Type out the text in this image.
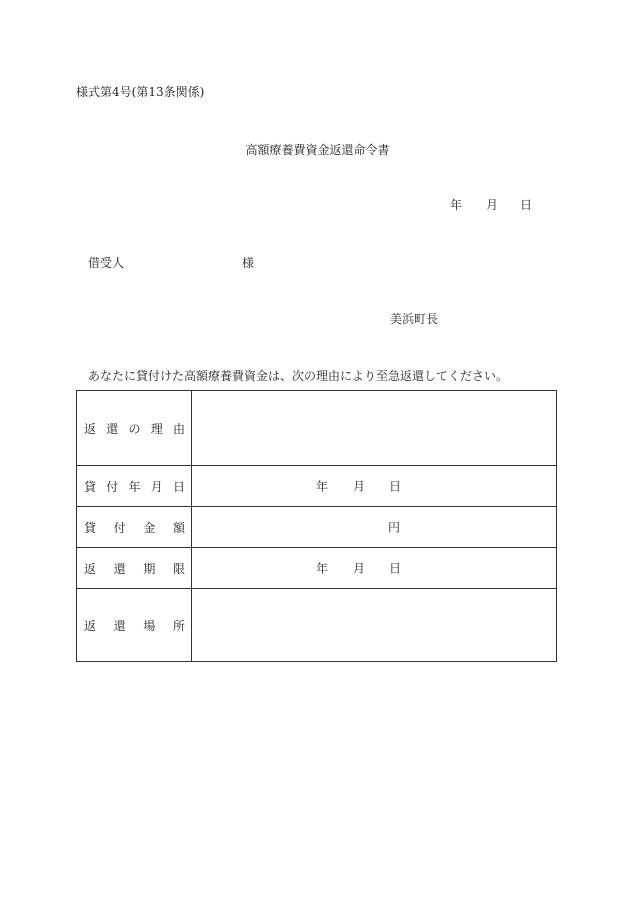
様式第4号(第13条関係)
高額療養費資金返還命令書
年 月 日
借受人	様
美浜町長
あなたに貸付けた高額療養費資金は、次の理由により至急返還してください。
返 還 の 理 由	

貸 付 年 月 日	年 月 日

貸 付 金 額	円

返 還 期 限	年 月 日

返 還 場 所	
